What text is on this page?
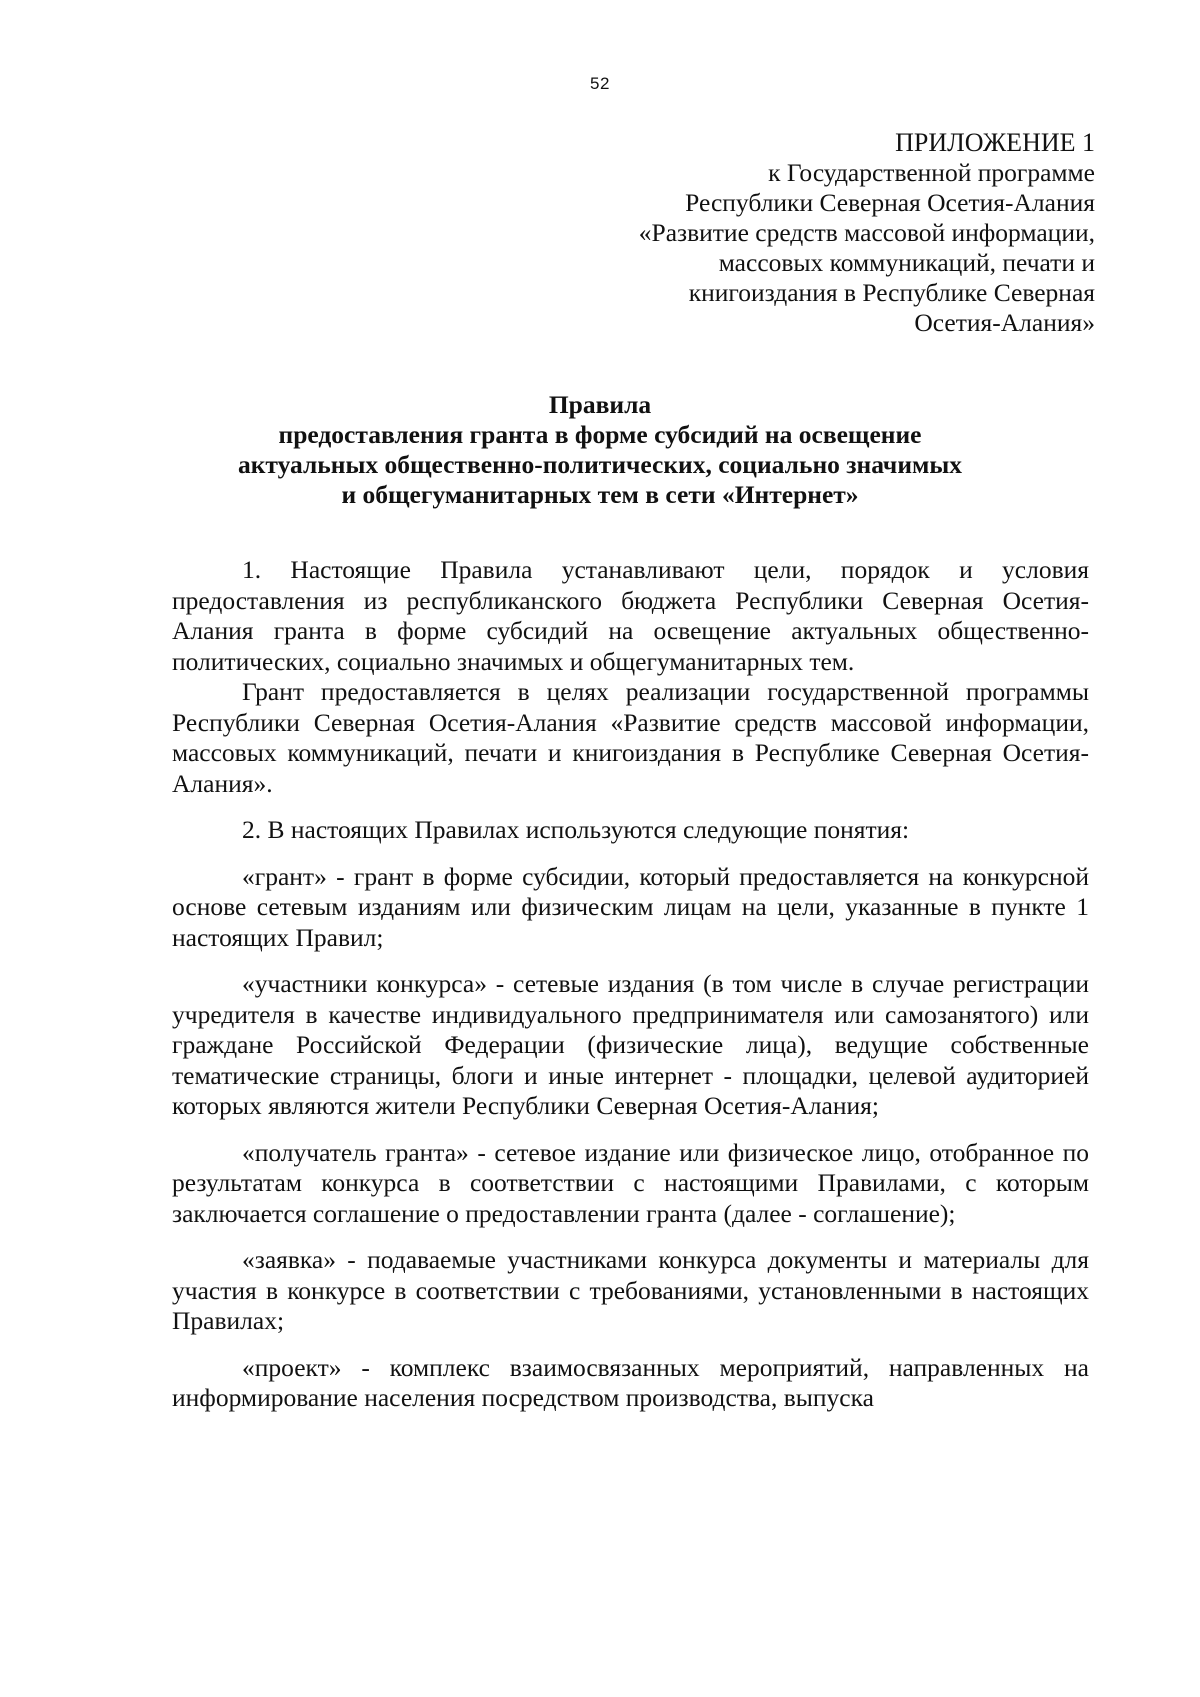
52
ПРИЛОЖЕНИЕ 1
к Государственной программе
Республики Северная Осетия-Алания
«Развитие средств массовой информации,
массовых коммуникаций, печати и
книгоиздания в Республике Северная
Осетия-Алания»
Правила
предоставления гранта в форме субсидий на освещение
актуальных общественно-политических, социально значимых
и общегуманитарных тем в сети «Интернет»

1. Настоящие Правила устанавливают цели, порядок и условия предоставления из республиканского бюджета Республики Северная Осетия-Алания гранта в форме субсидий на освещение актуальных общественно-политических, социально значимых и общегуманитарных тем.

Грант предоставляется в целях реализации государственной программы Республики Северная Осетия-Алания «Развитие средств массовой информации, массовых коммуникаций, печати и книгоиздания в Республике Северная Осетия-Алания».

2. В настоящих Правилах используются следующие понятия:

«грант» - грант в форме субсидии, который предоставляется на конкурсной основе сетевым изданиям или физическим лицам на цели, указанные в пункте 1 настоящих Правил;

«участники конкурса» - сетевые издания (в том числе в случае регистрации учредителя в качестве индивидуального предпринимателя или самозанятого) или граждане Российской Федерации (физические лица), ведущие собственные тематические страницы, блоги и иные интернет - площадки, целевой аудиторией которых являются жители Республики Северная Осетия-Алания;

«получатель гранта» - сетевое издание или физическое лицо, отобранное по результатам конкурса в соответствии с настоящими Правилами, с которым заключается соглашение о предоставлении гранта (далее - соглашение);

«заявка» - подаваемые участниками конкурса документы и материалы для участия в конкурсе в соответствии с требованиями, установленными в настоящих Правилах;

«проект» - комплекс взаимосвязанных мероприятий, направленных на информирование населения посредством производства, выпуска
